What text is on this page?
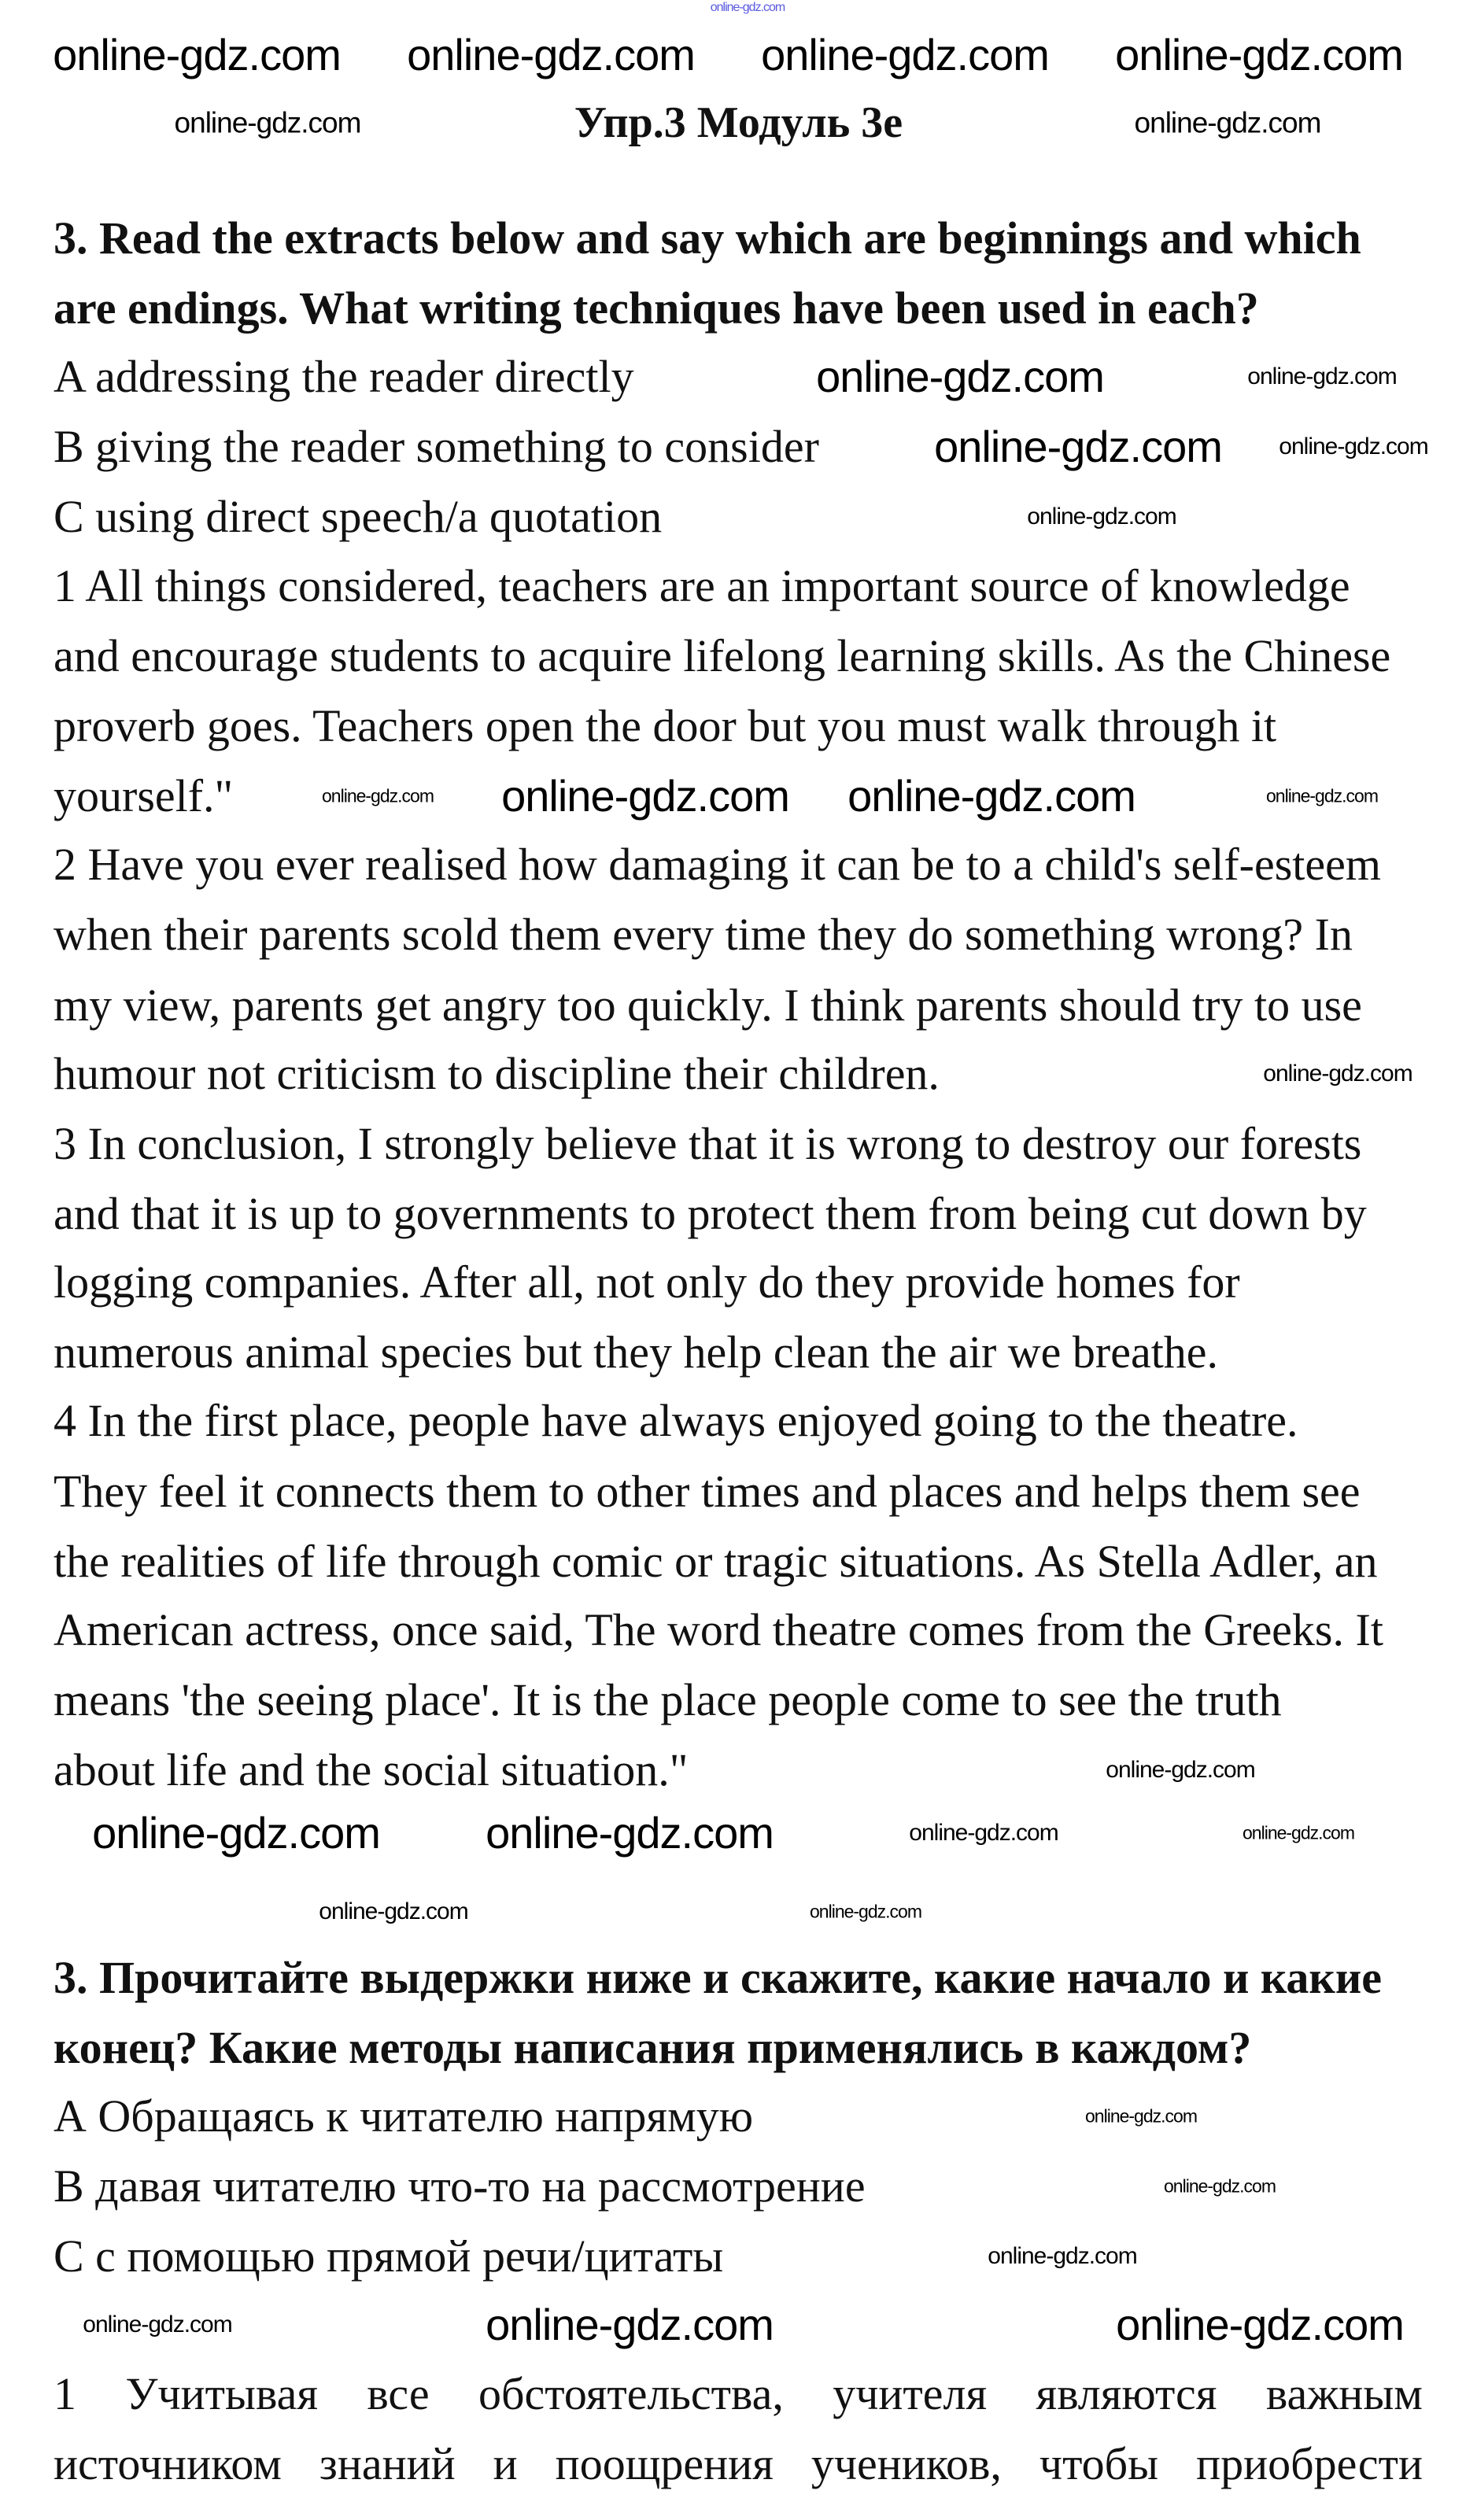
Упр.3 Модуль 3е
3. Read the extracts below and say which are beginnings and which
are endings. What writing techniques have been used in each?
A addressing the reader directly
B giving the reader something to consider
C using direct speech/a quotation
1 All things considered, teachers are an important source of knowledge
and encourage students to acquire lifelong learning skills. As the Chinese
proverb goes. Teachers open the door but you must walk through it
yourself."
2 Have you ever realised how damaging it can be to a child's self-esteem
when their parents scold them every time they do something wrong? In
my view, parents get angry too quickly. I think parents should try to use
humour not criticism to discipline their children.
3 In conclusion, I strongly believe that it is wrong to destroy our forests
and that it is up to governments to protect them from being cut down by
logging companies. After all, not only do they provide homes for
numerous animal species but they help clean the air we breathe.
4 In the first place, people have always enjoyed going to the theatre.
They feel it connects them to other times and places and helps them see
the realities of life through comic or tragic situations. As Stella Adler, an
American actress, once said, The word theatre comes from the Greeks. It
means 'the seeing place'. It is the place people come to see the truth
about life and the social situation."
3. Прочитайте выдержки ниже и скажите, какие начало и какие
конец? Какие методы написания применялись в каждом?
А Обращаясь к читателю напрямую
В давая читателю что-то на рассмотрение
С с помощью прямой речи/цитаты
1 Учитывая все обстоятельства, учителя являются важным
источником знаний и поощрения учеников, чтобы приобрести
online-gdz.com
online-gdz.com online-gdz.com online-gdz.com online-gdz.com
online-gdz.com	online-gdz.com
online-gdz.com	online-gdz.com
online-gdz.com online-gdz.com
online-gdz.com
online-gdz.com online-gdz.com online-gdz.com	online-gdz.com
online-gdz.com
online-gdz.com
online-gdz.com online-gdz.com	online-gdz.com	online-gdz.com
online-gdz.com	online-gdz.com
online-gdz.com
online-gdz.com
online-gdz.com
online-gdz.com	online-gdz.com	online-gdz.com
